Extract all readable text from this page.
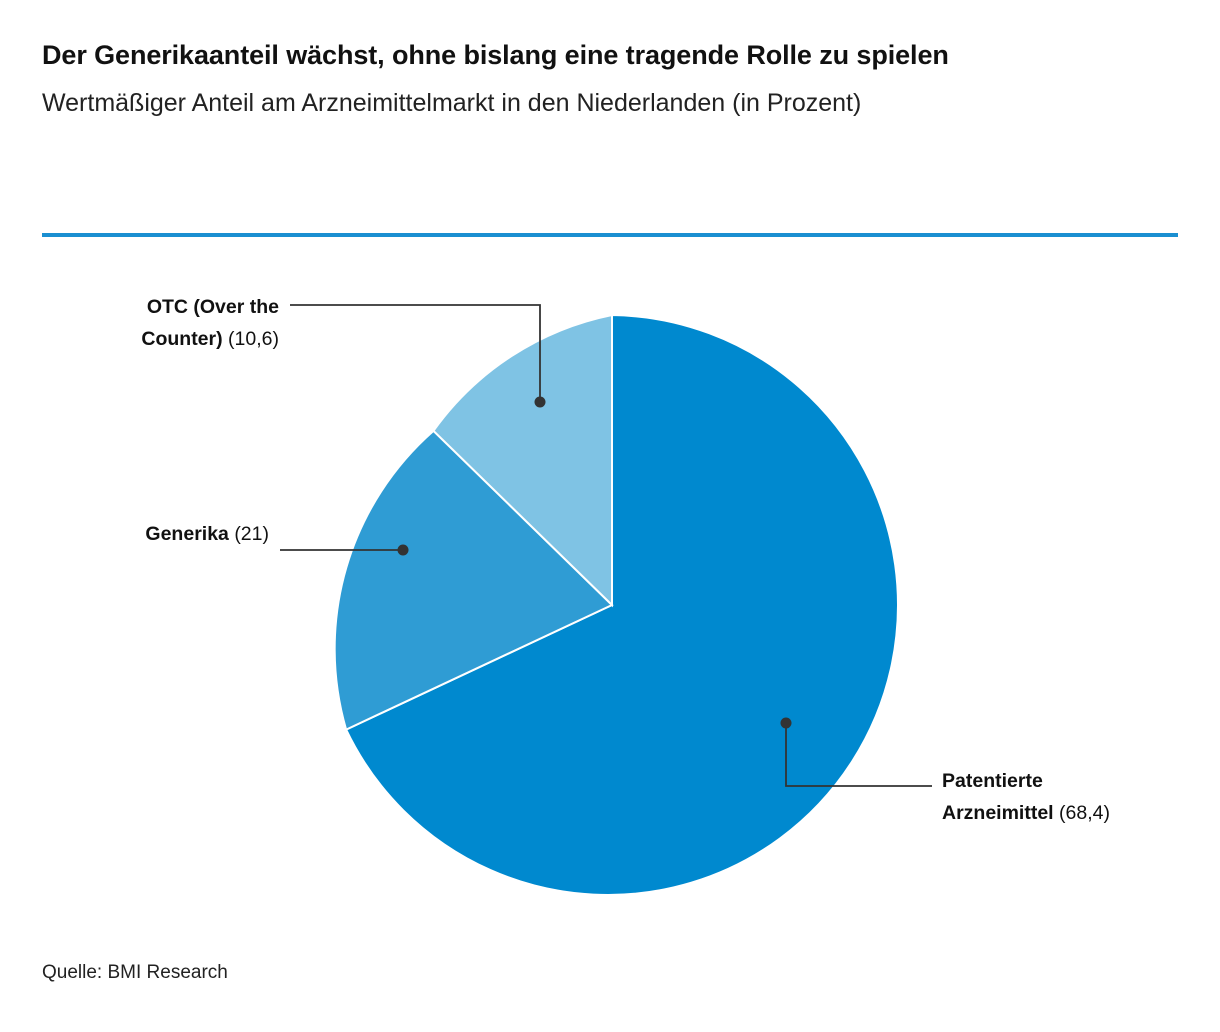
Der Generikaanteil wächst, ohne bislang eine tragende Rolle zu spielen

Wertmäßiger Anteil am Arzneimittelmarkt in den Niederlanden (in Prozent)

OTC (Over the
Counter) (10,6)
Generika (21)
Patentierte
Arzneimittel (68,4)
Quelle: BMI Research
